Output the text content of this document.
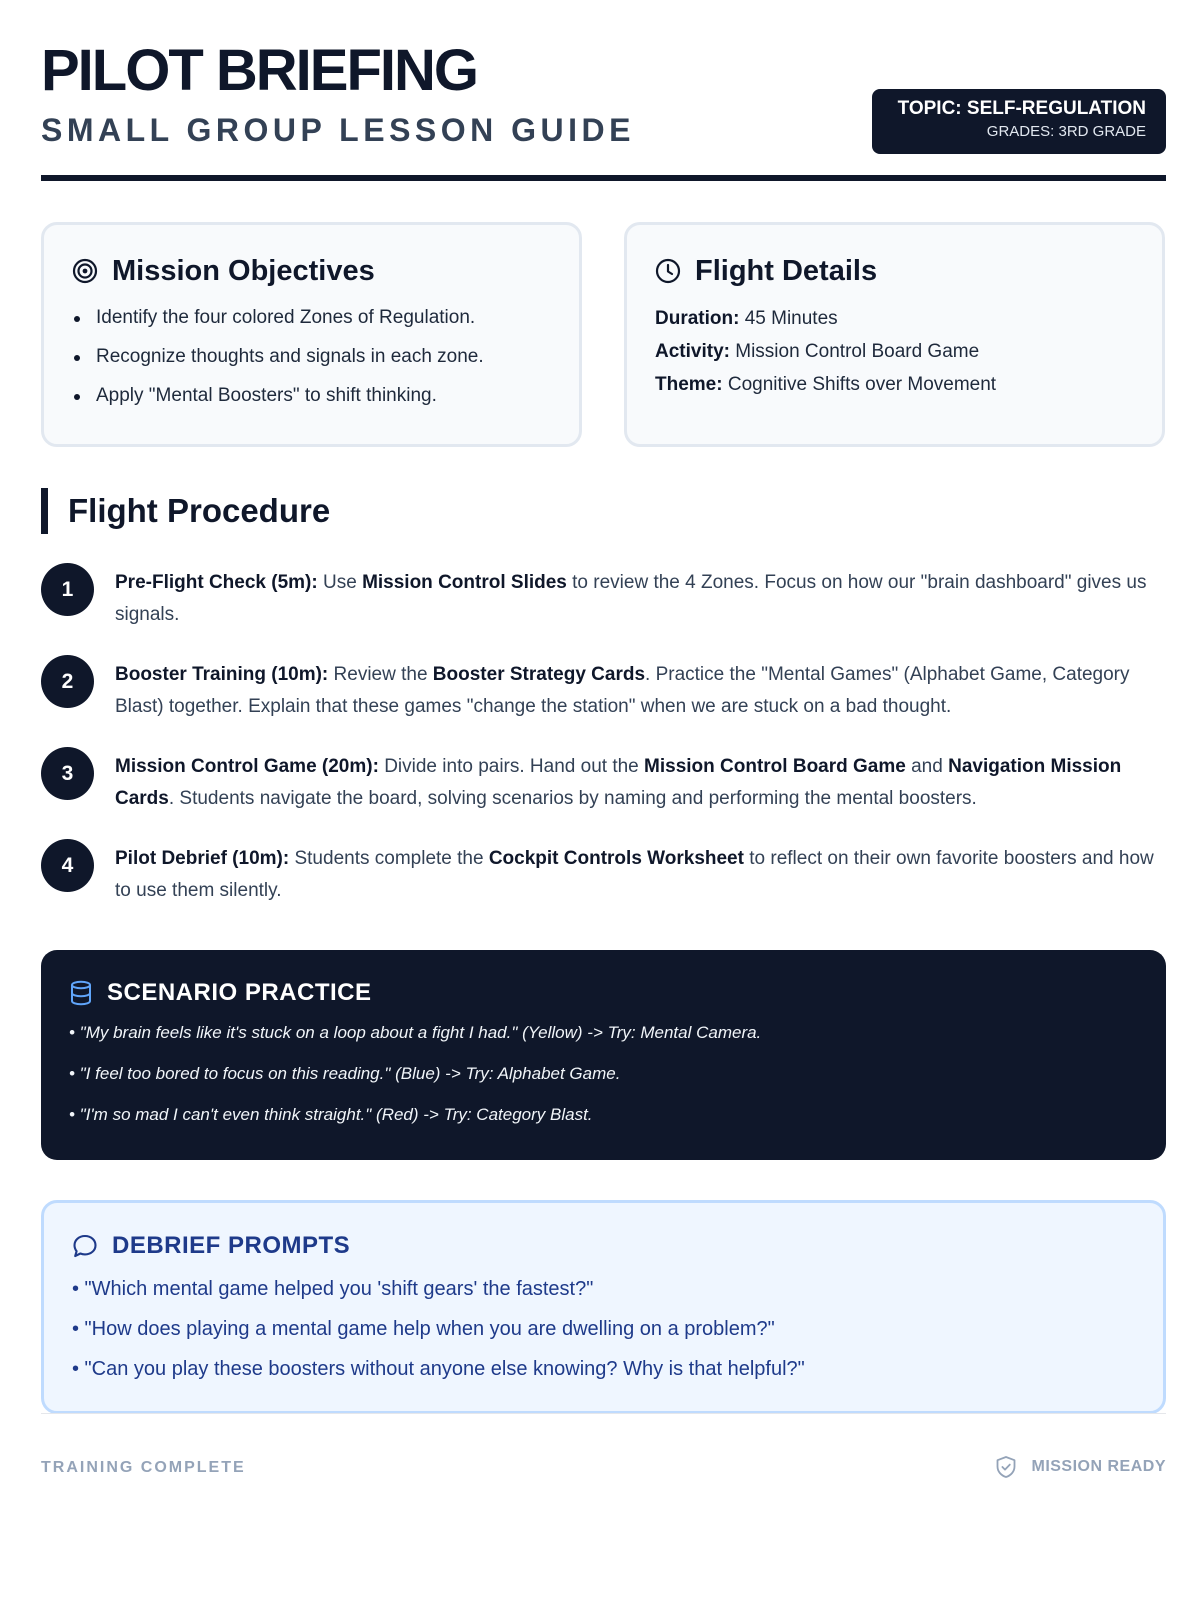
PILOT BRIEFING
SMALL GROUP LESSON GUIDE
TOPIC: SELF-REGULATION
GRADES: 3RD GRADE
Mission Objectives
Identify the four colored Zones of Regulation.
Recognize thoughts and signals in each zone.
Apply "Mental Boosters" to shift thinking.
Flight Details
Duration: 45 Minutes
Activity: Mission Control Board Game
Theme: Cognitive Shifts over Movement
Flight Procedure
1	Pre-Flight Check (5m): Use Mission Control Slides to review the 4 Zones. Focus on how our "brain dashboard" gives us signals.
2	Booster Training (10m): Review the Booster Strategy Cards. Practice the "Mental Games" (Alphabet Game, Category Blast) together. Explain that these games "change the station" when we are stuck on a bad thought.
3	Mission Control Game (20m): Divide into pairs. Hand out the Mission Control Board Game and Navigation Mission Cards. Students navigate the board, solving scenarios by naming and performing the mental boosters.
4	Pilot Debrief (10m): Students complete the Cockpit Controls Worksheet to reflect on their own favorite boosters and how to use them silently.
SCENARIO PRACTICE
• "My brain feels like it's stuck on a loop about a fight I had." (Yellow) -> Try: Mental Camera.
• "I feel too bored to focus on this reading." (Blue) -> Try: Alphabet Game.
• "I'm so mad I can't even think straight." (Red) -> Try: Category Blast.
DEBRIEF PROMPTS
• "Which mental game helped you 'shift gears' the fastest?"
• "How does playing a mental game help when you are dwelling on a problem?"
• "Can you play these boosters without anyone else knowing? Why is that helpful?"
TRAINING COMPLETE	MISSION READY
